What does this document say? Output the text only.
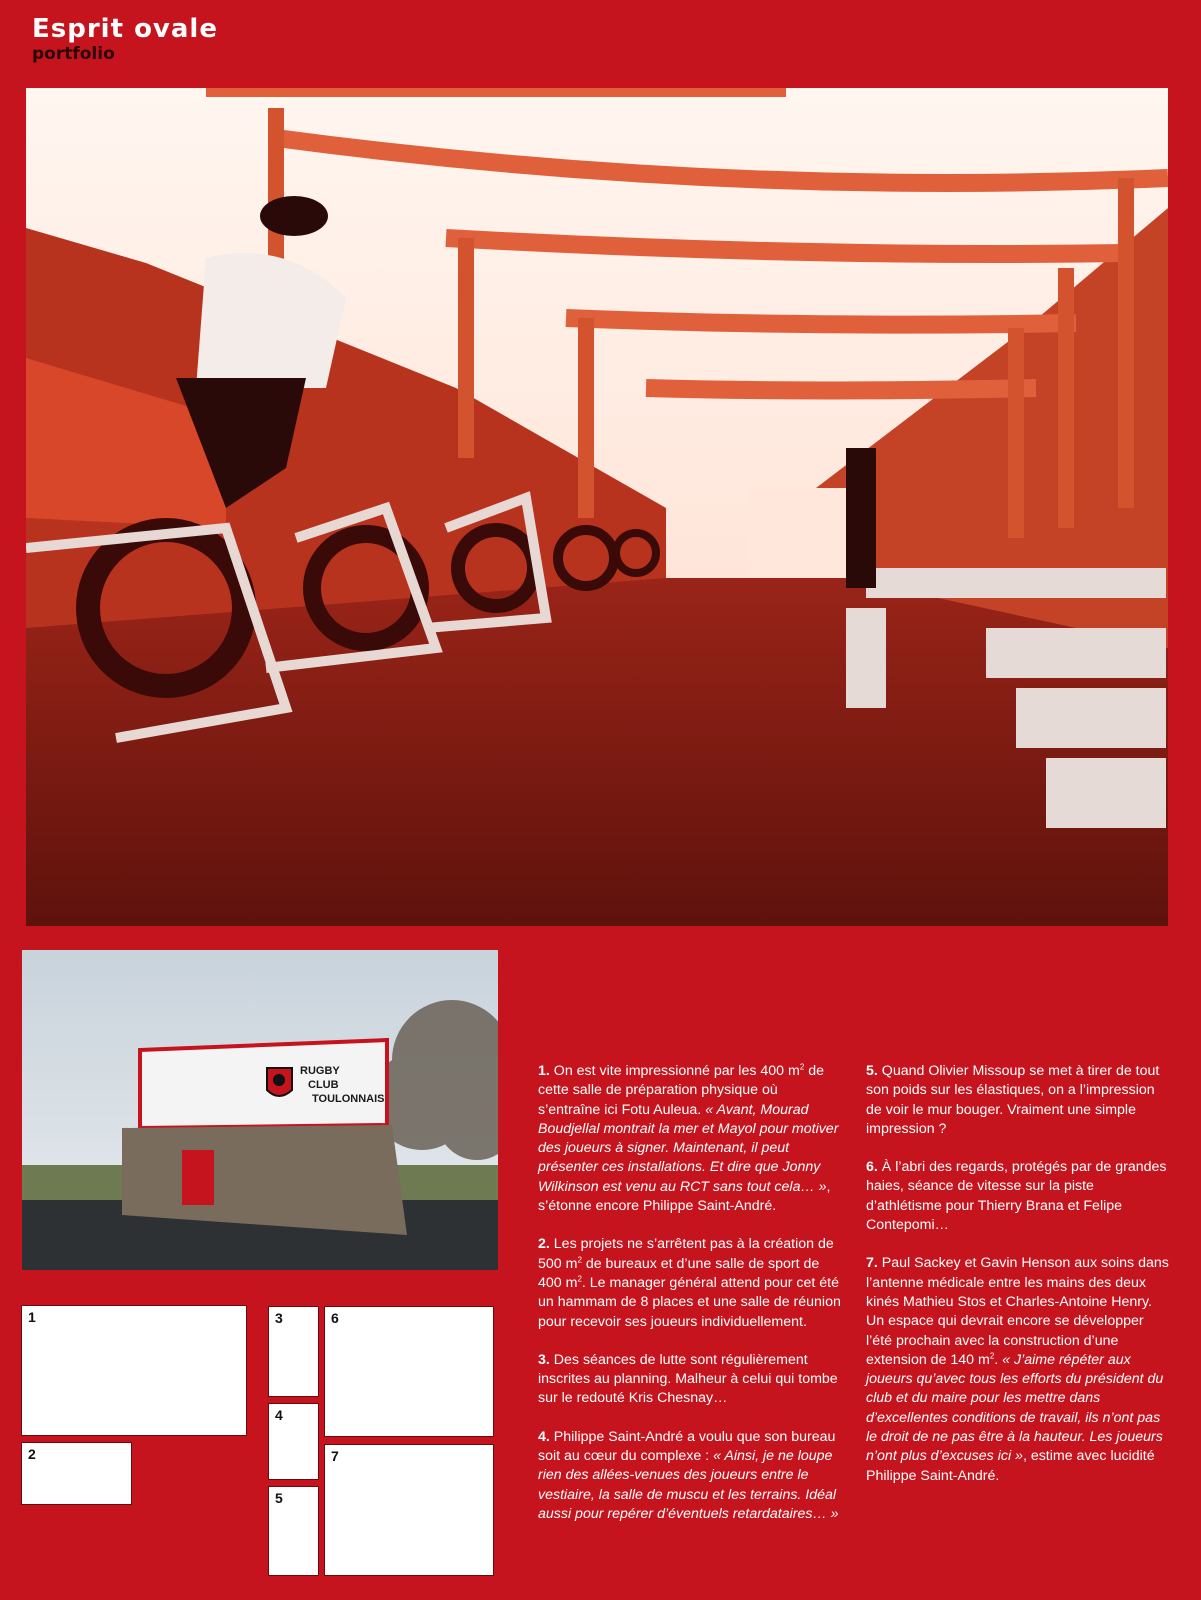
Esprit ovale
portfolio
RUGBY
CLUB
TOULONNAIS
1
2
3
4
5
6
7

1. On est vite impressionné par les 400 $m^2$ de cette salle de préparation physique où s’entraîne ici Fotu Auleua. « Avant, Mourad Boudjellal montrait la mer et Mayol pour motiver des joueurs à signer. Maintenant, il peut présenter ces installations. Et dire que Jonny Wilkinson est venu au RCT sans tout cela… », s’étonne encore Philippe Saint-André.

2. Les projets ne s’arrêtent pas à la création de 500 $m^2$ de bureaux et d’une salle de sport de 400 $m^2$. Le manager général attend pour cet été un hammam de 8 places et une salle de réunion pour recevoir ses joueurs individuellement.

3. Des séances de lutte sont régulièrement inscrites au planning. Malheur à celui qui tombe sur le redouté Kris Chesnay…

4. Philippe Saint-André a voulu que son bureau soit au cœur du complexe : « Ainsi, je ne loupe rien des allées-venues des joueurs entre le vestiaire, la salle de muscu et les terrains. Idéal aussi pour repérer d’éventuels retardataires… »

5. Quand Olivier Missoup se met à tirer de tout son poids sur les élastiques, on a l’impression de voir le mur bouger. Vraiment une simple impression ?

6. À l’abri des regards, protégés par de grandes haies, séance de vitesse sur la piste d’athlétisme pour Thierry Brana et Felipe Contepomi…

7. Paul Sackey et Gavin Henson aux soins dans l’antenne médicale entre les mains des deux kinés Mathieu Stos et Charles-Antoine Henry. Un espace qui devrait encore se développer l’été prochain avec la construction d’une extension de 140 $m^2$. « J’aime répéter aux joueurs qu’avec tous les efforts du président du club et du maire pour les mettre dans d’excellentes conditions de travail, ils n’ont pas le droit de ne pas être à la hauteur. Les joueurs n’ont plus d’excuses ici », estime avec lucidité Philippe Saint-André.
